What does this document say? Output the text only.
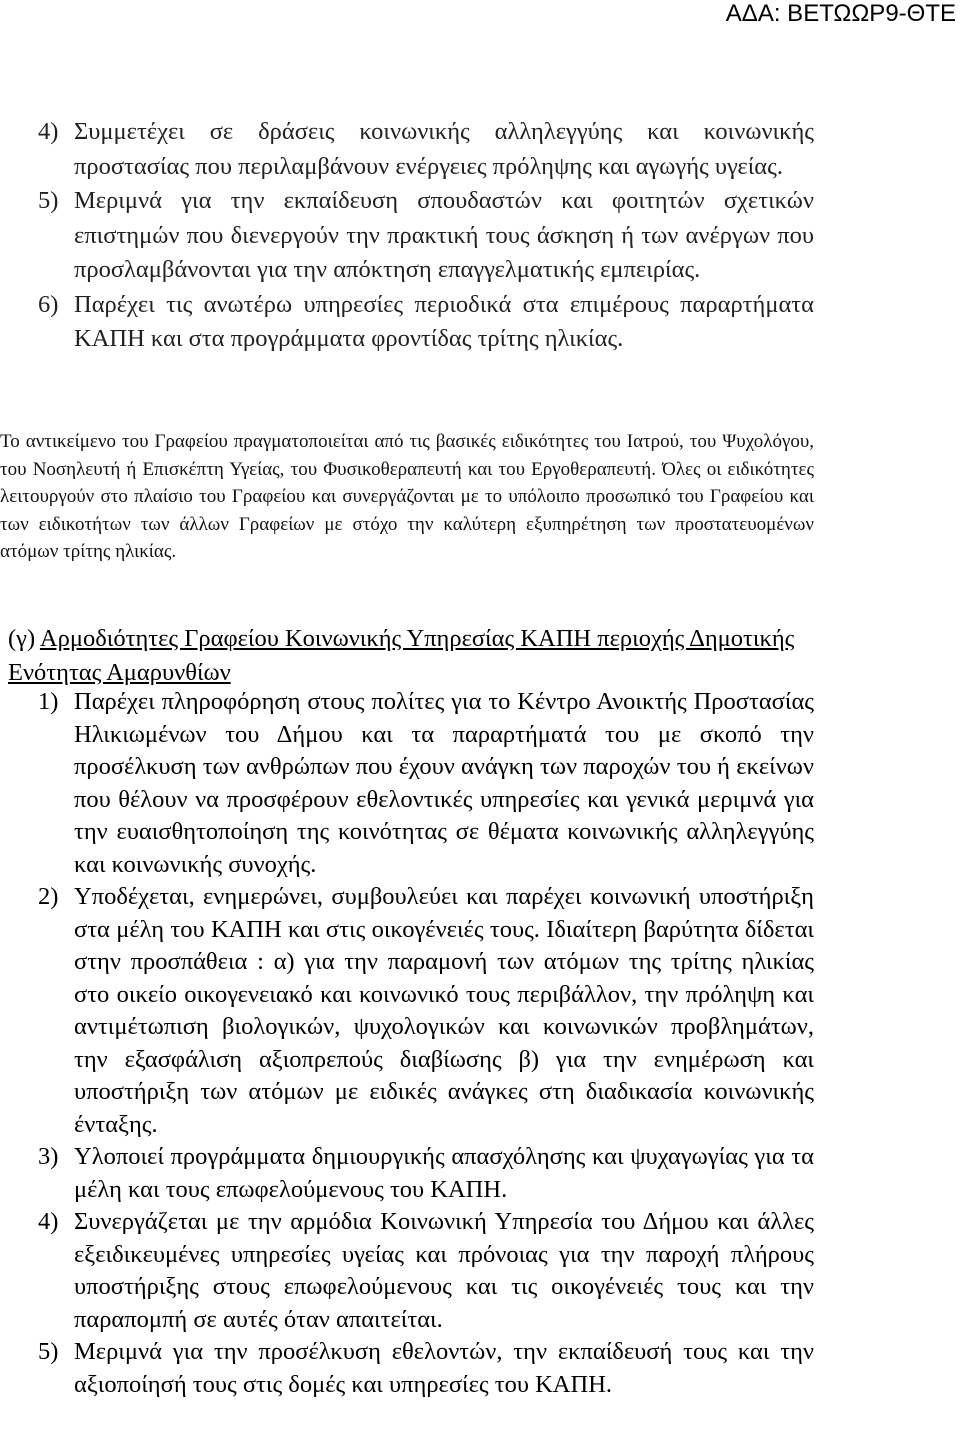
ΑΔΑ: ΒΕΤΩΩΡ9-ΘΤΕ
4) Συμμετέχει σε δράσεις κοινωνικής αλληλεγγύης και κοινωνικής προστασίας που περιλαμβάνουν ενέργειες πρόληψης και αγωγής υγείας.
5) Μεριμνά για την εκπαίδευση σπουδαστών και φοιτητών σχετικών επιστημών που διενεργούν την πρακτική τους άσκηση ή των ανέργων που προσλαμβάνονται για την απόκτηση επαγγελματικής εμπειρίας.
6) Παρέχει τις ανωτέρω υπηρεσίες περιοδικά στα επιμέρους παραρτήματα ΚΑΠΗ και στα προγράμματα φροντίδας τρίτης ηλικίας.
Το αντικείμενο του Γραφείου πραγματοποιείται από τις βασικές ειδικότητες του Ιατρού, του Ψυχολόγου, του Νοσηλευτή ή Επισκέπτη Υγείας, του Φυσικοθεραπευτή και του Εργοθεραπευτή. Όλες οι ειδικότητες λειτουργούν στο πλαίσιο του Γραφείου και συνεργάζονται με το υπόλοιπο προσωπικό του Γραφείου και των ειδικοτήτων των άλλων Γραφείων με στόχο την καλύτερη εξυπηρέτηση των προστατευομένων ατόμων τρίτης ηλικίας.
(γ) Αρμοδιότητες Γραφείου Κοινωνικής Υπηρεσίας ΚΑΠΗ περιοχής Δημοτικής Ενότητας Αμαρυνθίων
1) Παρέχει πληροφόρηση στους πολίτες για το Κέντρο Ανοικτής Προστασίας Ηλικιωμένων του Δήμου και τα παραρτήματά του με σκοπό την προσέλκυση των ανθρώπων που έχουν ανάγκη των παροχών του ή εκείνων που θέλουν να προσφέρουν εθελοντικές υπηρεσίες και γενικά μεριμνά για την ευαισθητοποίηση της κοινότητας σε θέματα κοινωνικής αλληλεγγύης και κοινωνικής συνοχής.
2) Υποδέχεται, ενημερώνει, συμβουλεύει και παρέχει κοινωνική υποστήριξη στα μέλη του ΚΑΠΗ και στις οικογένειές τους. Ιδιαίτερη βαρύτητα δίδεται στην προσπάθεια : α) για την παραμονή των ατόμων της τρίτης ηλικίας στο οικείο οικογενειακό και κοινωνικό τους περιβάλλον, την πρόληψη και αντιμέτωπιση βιολογικών, ψυχολογικών και κοινωνικών προβλημάτων, την εξασφάλιση αξιοπρεπούς διαβίωσης β) για την ενημέρωση και υποστήριξη των ατόμων με ειδικές ανάγκες στη διαδικασία κοινωνικής ένταξης.
3) Υλοποιεί προγράμματα δημιουργικής απασχόλησης και ψυχαγωγίας για τα μέλη και τους επωφελούμενους του ΚΑΠΗ.
4) Συνεργάζεται με την αρμόδια Κοινωνική Υπηρεσία του Δήμου και άλλες εξειδικευμένες υπηρεσίες υγείας και πρόνοιας για την παροχή πλήρους υποστήριξης στους επωφελούμενους και τις οικογένειές τους και την παραπομπή σε αυτές όταν απαιτείται.
5) Μεριμνά για την προσέλκυση εθελοντών, την εκπαίδευσή τους και την αξιοποίησή τους στις δομές και υπηρεσίες του ΚΑΠΗ.
